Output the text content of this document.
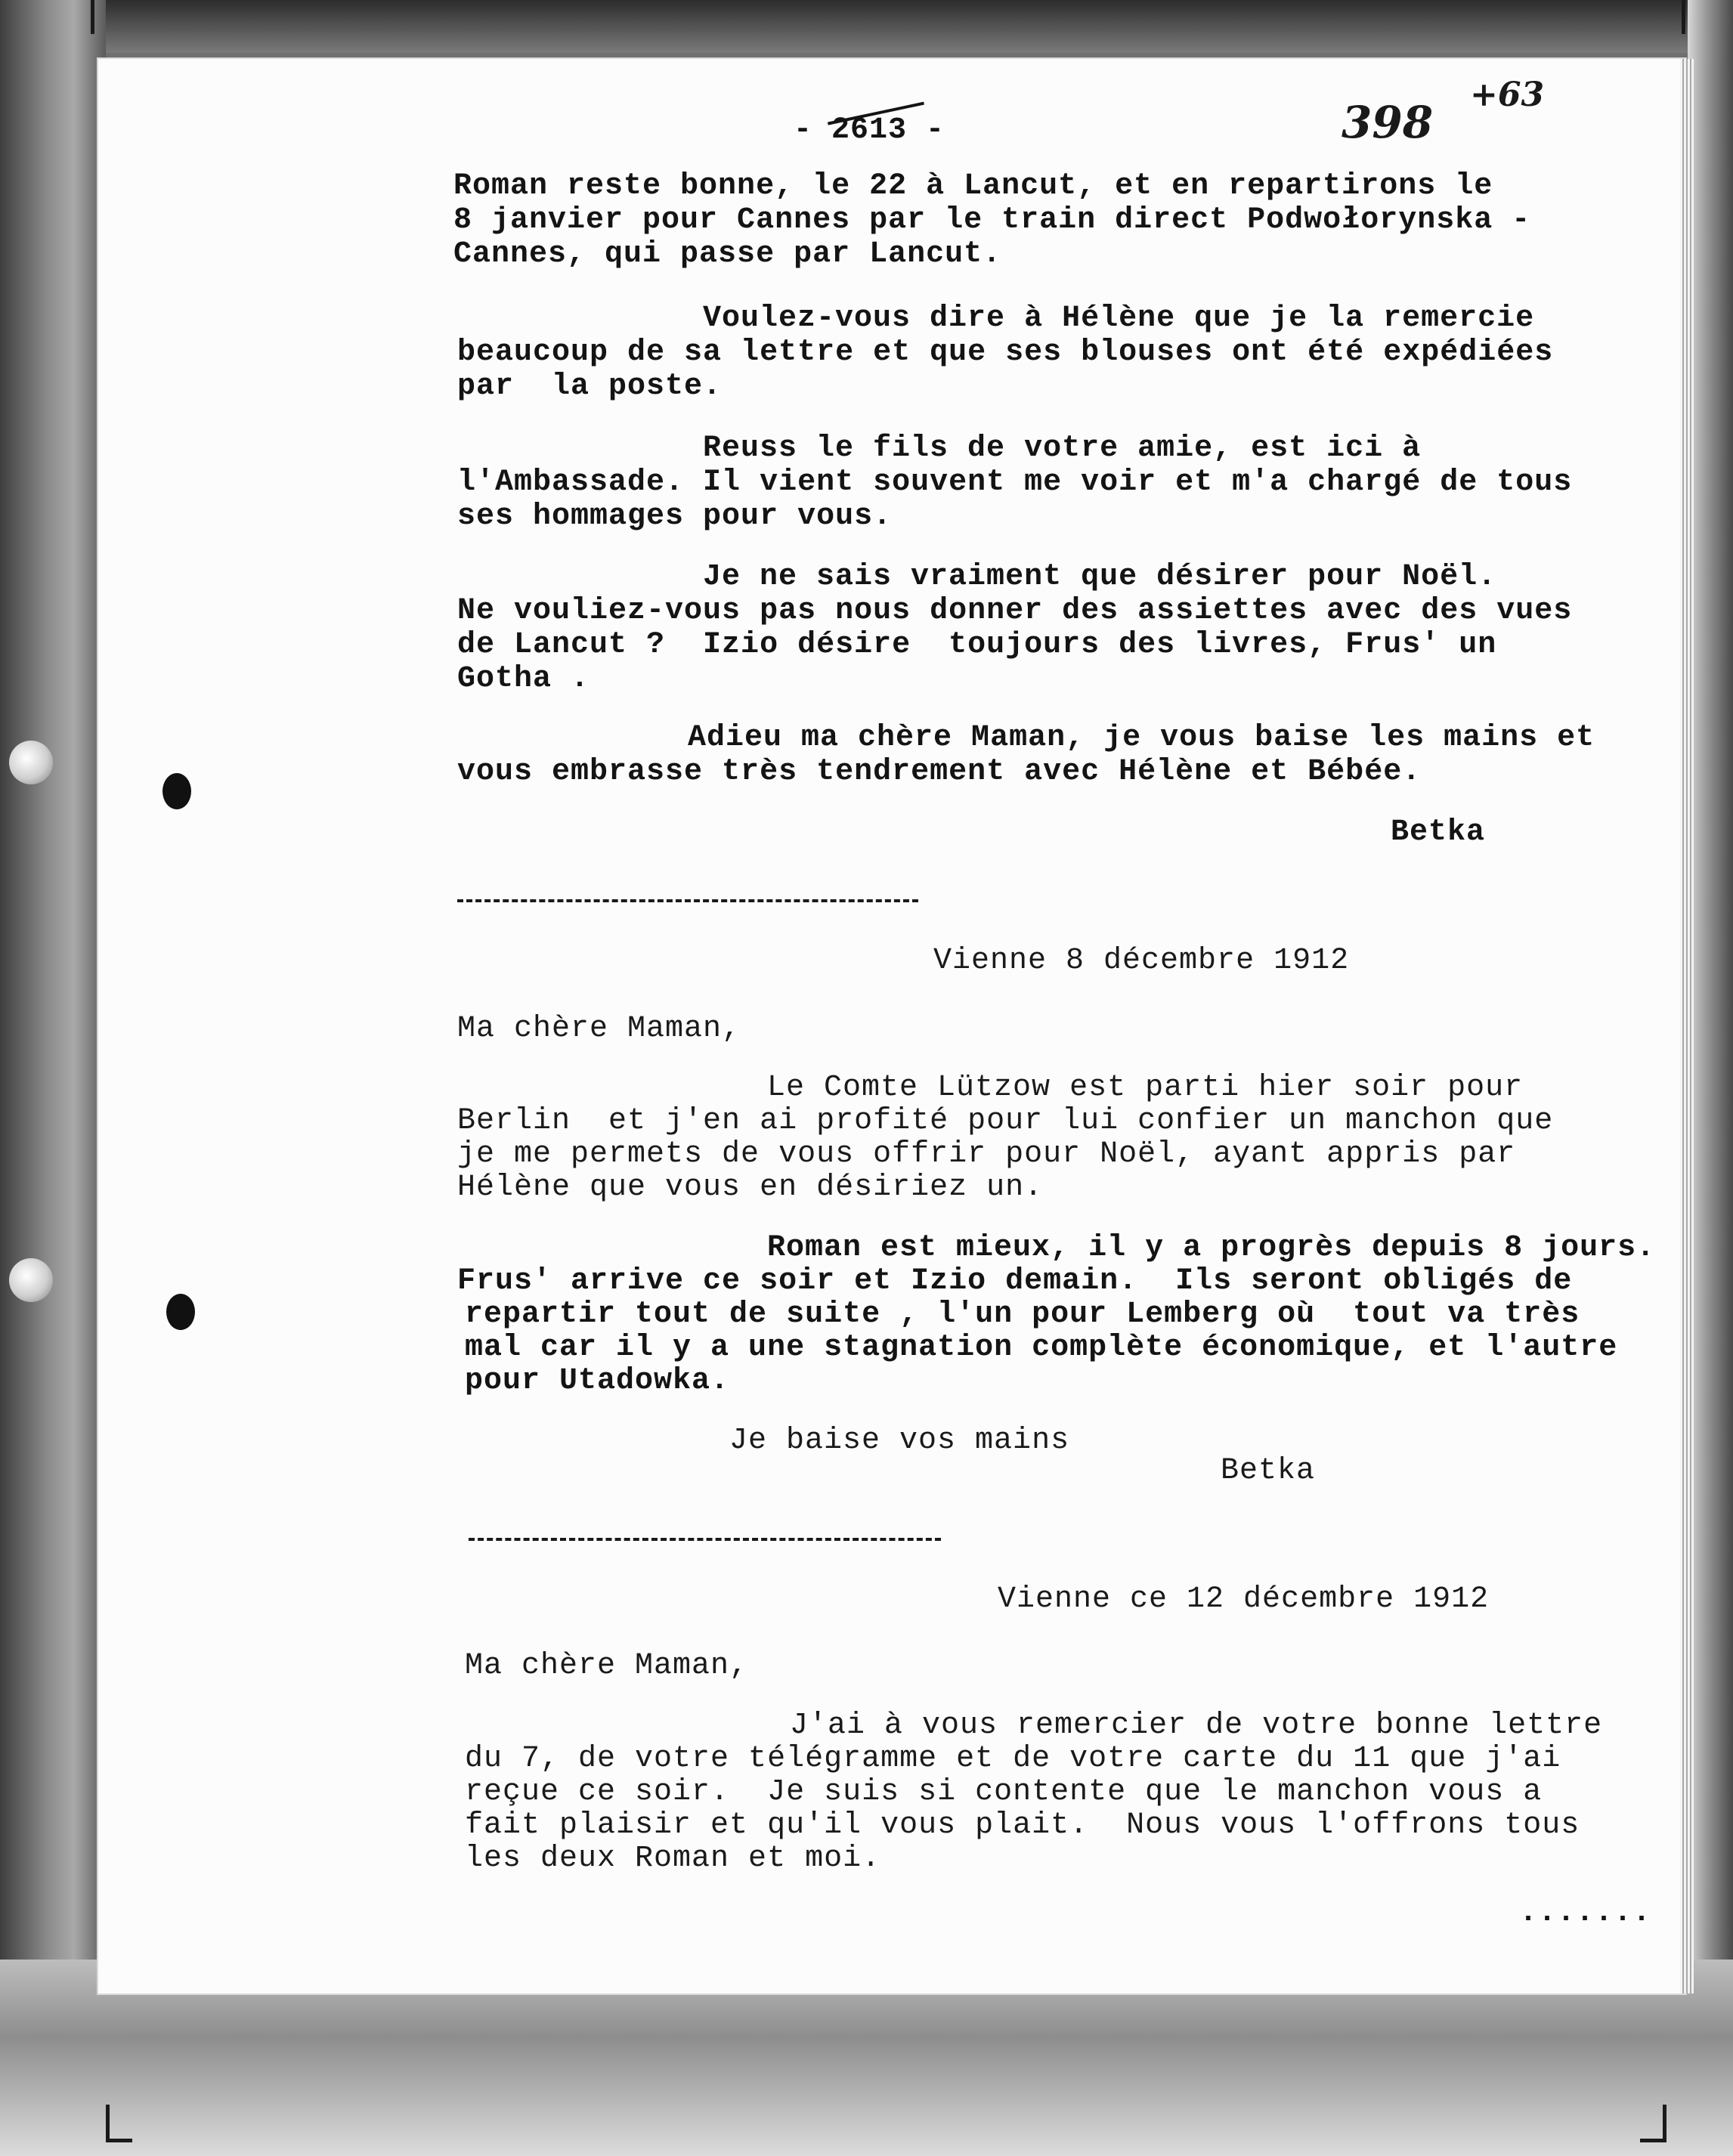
- 2613 -	398
+63
Roman reste bonne, le 22 à Lancut, et en repartirons le
8 janvier pour Cannes par le train direct Podwołorynska -
Cannes, qui passe par Lancut.
Voulez-vous dire à Hélène que je la remercie
beaucoup de sa lettre et que ses blouses ont été expédiées
par  la poste.
Reuss le fils de votre amie, est ici à
l'Ambassade. Il vient souvent me voir et m'a chargé de tous
ses hommages pour vous.
Je ne sais vraiment que désirer pour Noël.
Ne vouliez-vous pas nous donner des assiettes avec des vues
de Lancut ?  Izio désire  toujours des livres, Frus' un
Gotha .
Adieu ma chère Maman, je vous baise les mains et
vous embrasse très tendrement avec Hélène et Bébée.
Betka
Vienne 8 décembre 1912
Ma chère Maman,
Le Comte Lützow est parti hier soir pour
Berlin  et j'en ai profité pour lui confier un manchon que
je me permets de vous offrir pour Noël, ayant appris par
Hélène que vous en désiriez un.
Roman est mieux, il y a progrès depuis 8 jours.
Frus' arrive ce soir et Izio demain.  Ils seront obligés de
repartir tout de suite , l'un pour Lemberg où  tout va très
mal car il y a une stagnation complète économique, et l'autre
pour Utadowka.
Je baise vos mains
Betka
Vienne ce 12 décembre 1912
Ma chère Maman,
J'ai à vous remercier de votre bonne lettre
du 7, de votre télégramme et de votre carte du 11 que j'ai
reçue ce soir.  Je suis si contente que le manchon vous a
fait plaisir et qu'il vous plait.  Nous vous l'offrons tous
les deux Roman et moi.
.......
